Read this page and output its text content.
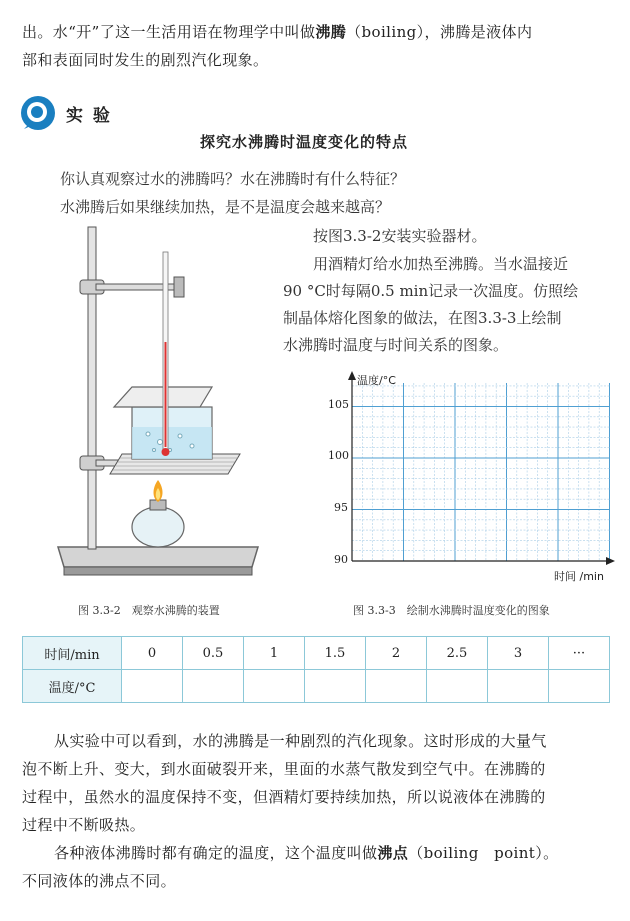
出。水“开”了这一生活用语在物理学中叫做沸腾（boiling），沸腾是液体内
部和表面同时发生的剧烈汽化现象。
实 验
探究水沸腾时温度变化的特点
你认真观察过水的沸腾吗？水在沸腾时有什么特征？
水沸腾后如果继续加热，是不是温度会越来越高？
按图3.3-2安装实验器材。
用酒精灯给水加热至沸腾。当水温接近
90 °C时每隔0.5 min记录一次温度。仿照绘
制晶体熔化图象的做法，在图3.3-3上绘制
水沸腾时温度与时间关系的图象。
温度/°C
时间 /min
105
100
95
90
图 3.3-2　观察水沸腾的装置	图 3.3-3　绘制水沸腾时温度变化的图象
时间/min	0	0.5	1	1.5	2	2.5	3	···
温度/°C								
从实验中可以看到，水的沸腾是一种剧烈的汽化现象。这时形成的大量气
泡不断上升、变大，到水面破裂开来，里面的水蒸气散发到空气中。在沸腾的
过程中，虽然水的温度保持不变，但酒精灯要持续加热，所以说液体在沸腾的
过程中不断吸热。
各种液体沸腾时都有确定的温度，这个温度叫做沸点（boiling　point）。
不同液体的沸点不同。
